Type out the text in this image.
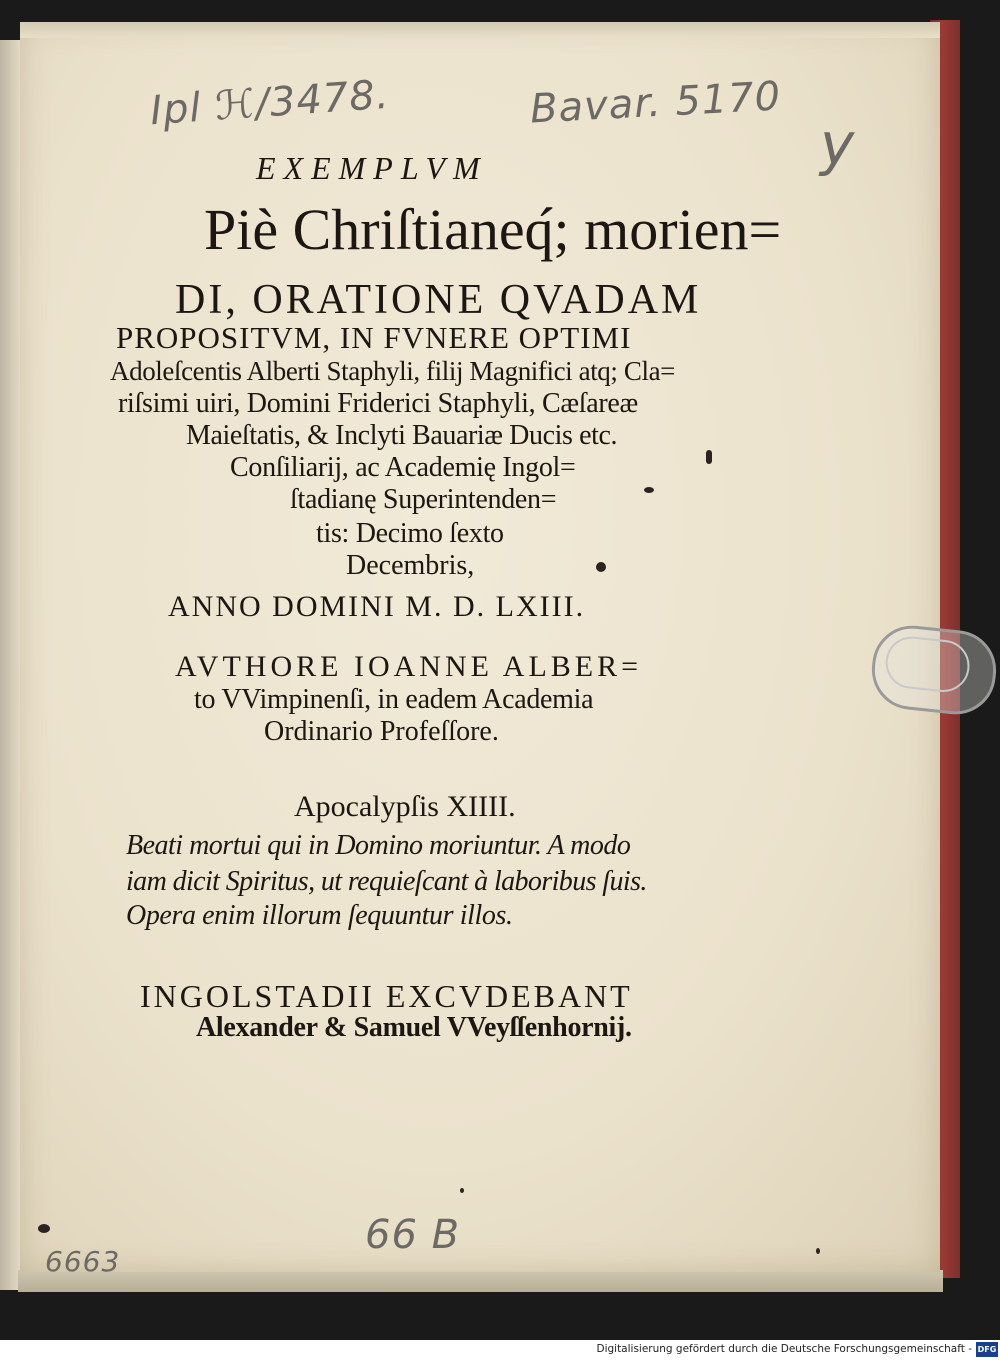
Ipl ℋ/3478.	Bavar. 5170
y
EXEMPLVM
Piè Chriſtianeq́; morien=
DI, ORATIONE QVADAM
PROPOSITVM, IN FVNERE OPTIMI
Adoleſcentis Alberti Staphyli, filij Magnifici atq; Cla=
riſsimi uiri, Domini Friderici Staphyli, Cæſareæ
Maieſtatis, & Inclyti Bauariæ Ducis etc.
Conſiliarij, ac Academię Ingol=
ſtadianę Superintenden=
tis: Decimo ſexto
Decembris,
ANNO DOMINI M. D. LXIII.
AVTHORE IOANNE ALBER=
to VVimpinenſi, in eadem Academia
Ordinario Profeſſore.
Apocalypſis XIIII.
Beati mortui qui in Domino moriuntur. A modo
iam dicit Spiritus, ut requieſcant à laboribus ſuis.
Opera enim illorum ſequuntur illos.
INGOLSTADII EXCVDEBANT
Alexander & Samuel VVeyſſenhornij.
66 B
6663
Digitalisierung gefördert durch die Deutsche Forschungsgemeinschaft - DFG
